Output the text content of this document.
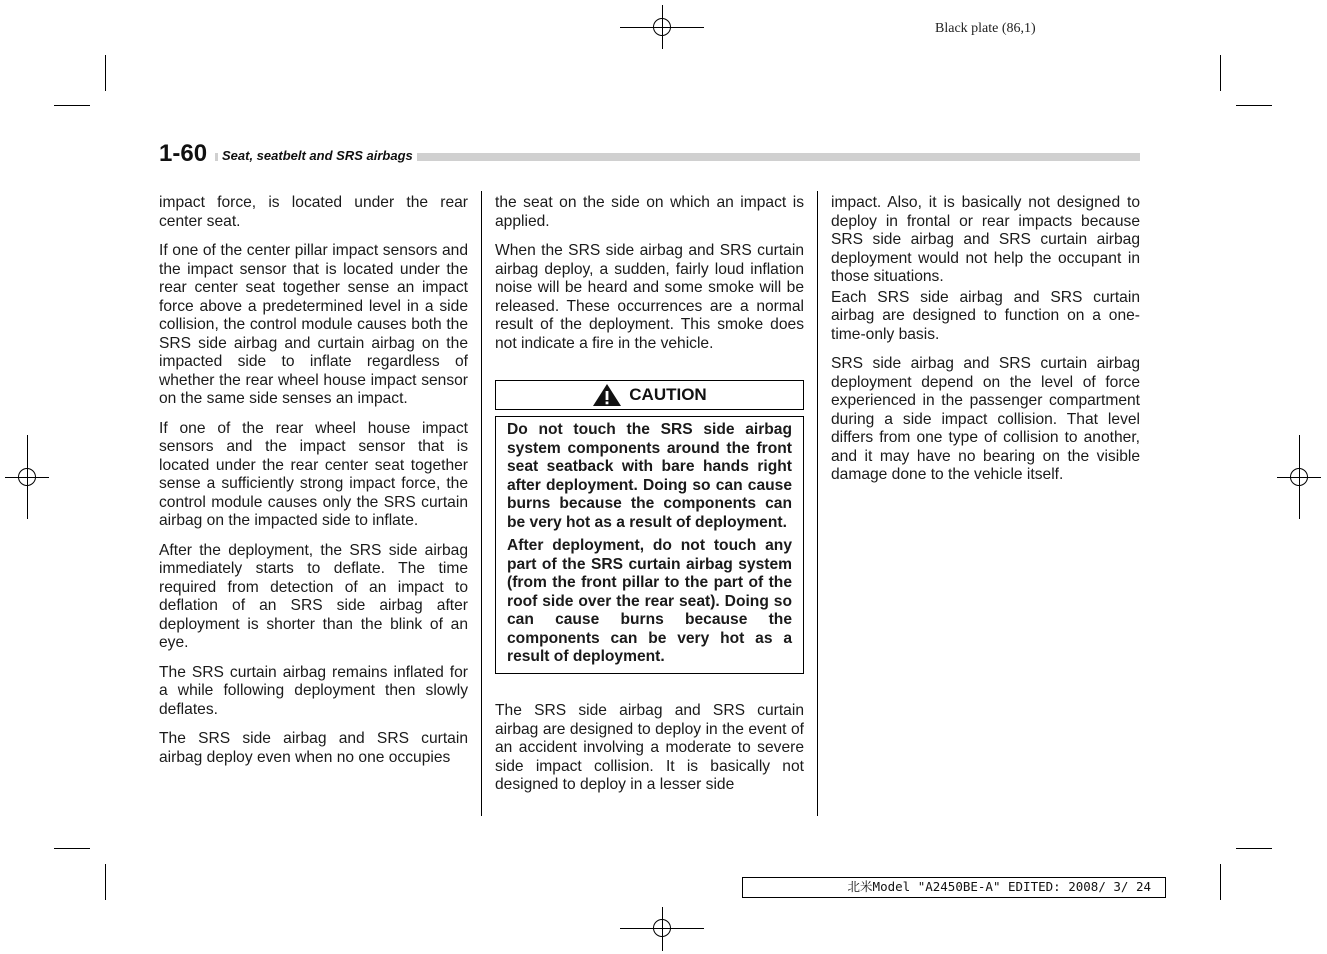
Black plate (86,1)
1-60	Seat, seatbelt and SRS airbags

impact force, is located under the rear center seat.

If one of the center pillar impact sensors and the impact sensor that is located under the rear center seat together sense an impact force above a predetermined level in a side collision, the control module causes both the SRS side airbag and curtain airbag on the impacted side to inflate regardless of whether the rear wheel house impact sensor on the same side senses an impact.

If one of the rear wheel house impact sensors and the impact sensor that is located under the rear center seat together sense a sufficiently strong impact force, the control module causes only the SRS curtain airbag on the impacted side to inflate.

After the deployment, the SRS side airbag immediately starts to deflate. The time required from detection of an impact to deflation of an SRS side airbag after deployment is shorter than the blink of an eye.

The SRS curtain airbag remains inflated for a while following deployment then slowly deflates.

The SRS side airbag and SRS curtain airbag deploy even when no one occupies

the seat on the side on which an impact is applied.

When the SRS side airbag and SRS curtain airbag deploy, a sudden, fairly loud inflation noise will be heard and some smoke will be released. These occurrences are a normal result of the deployment. This smoke does not indicate a fire in the vehicle.

CAUTION

Do not touch the SRS side airbag system components around the front seat seatback with bare hands right after deployment. Doing so can cause burns because the components can be very hot as a result of deployment.

After deployment, do not touch any part of the SRS curtain airbag system (from the front pillar to the part of the roof side over the rear seat). Doing so can cause burns because the components can be very hot as a result of deployment.

The SRS side airbag and SRS curtain airbag are designed to deploy in the event of an accident involving a moderate to severe side impact collision. It is basically not designed to deploy in a lesser side

impact. Also, it is basically not designed to deploy in frontal or rear impacts because SRS side airbag and SRS curtain airbag deployment would not help the occupant in those situations.

Each SRS side airbag and SRS curtain airbag are designed to function on a one-time-only basis.

SRS side airbag and SRS curtain airbag deployment depend on the level of force experienced in the passenger compartment during a side impact collision. That level differs from one type of collision to another, and it may have no bearing on the visible damage done to the vehicle itself.

北米Model "A2450BE-A" EDITED: 2008/ 3/ 24
